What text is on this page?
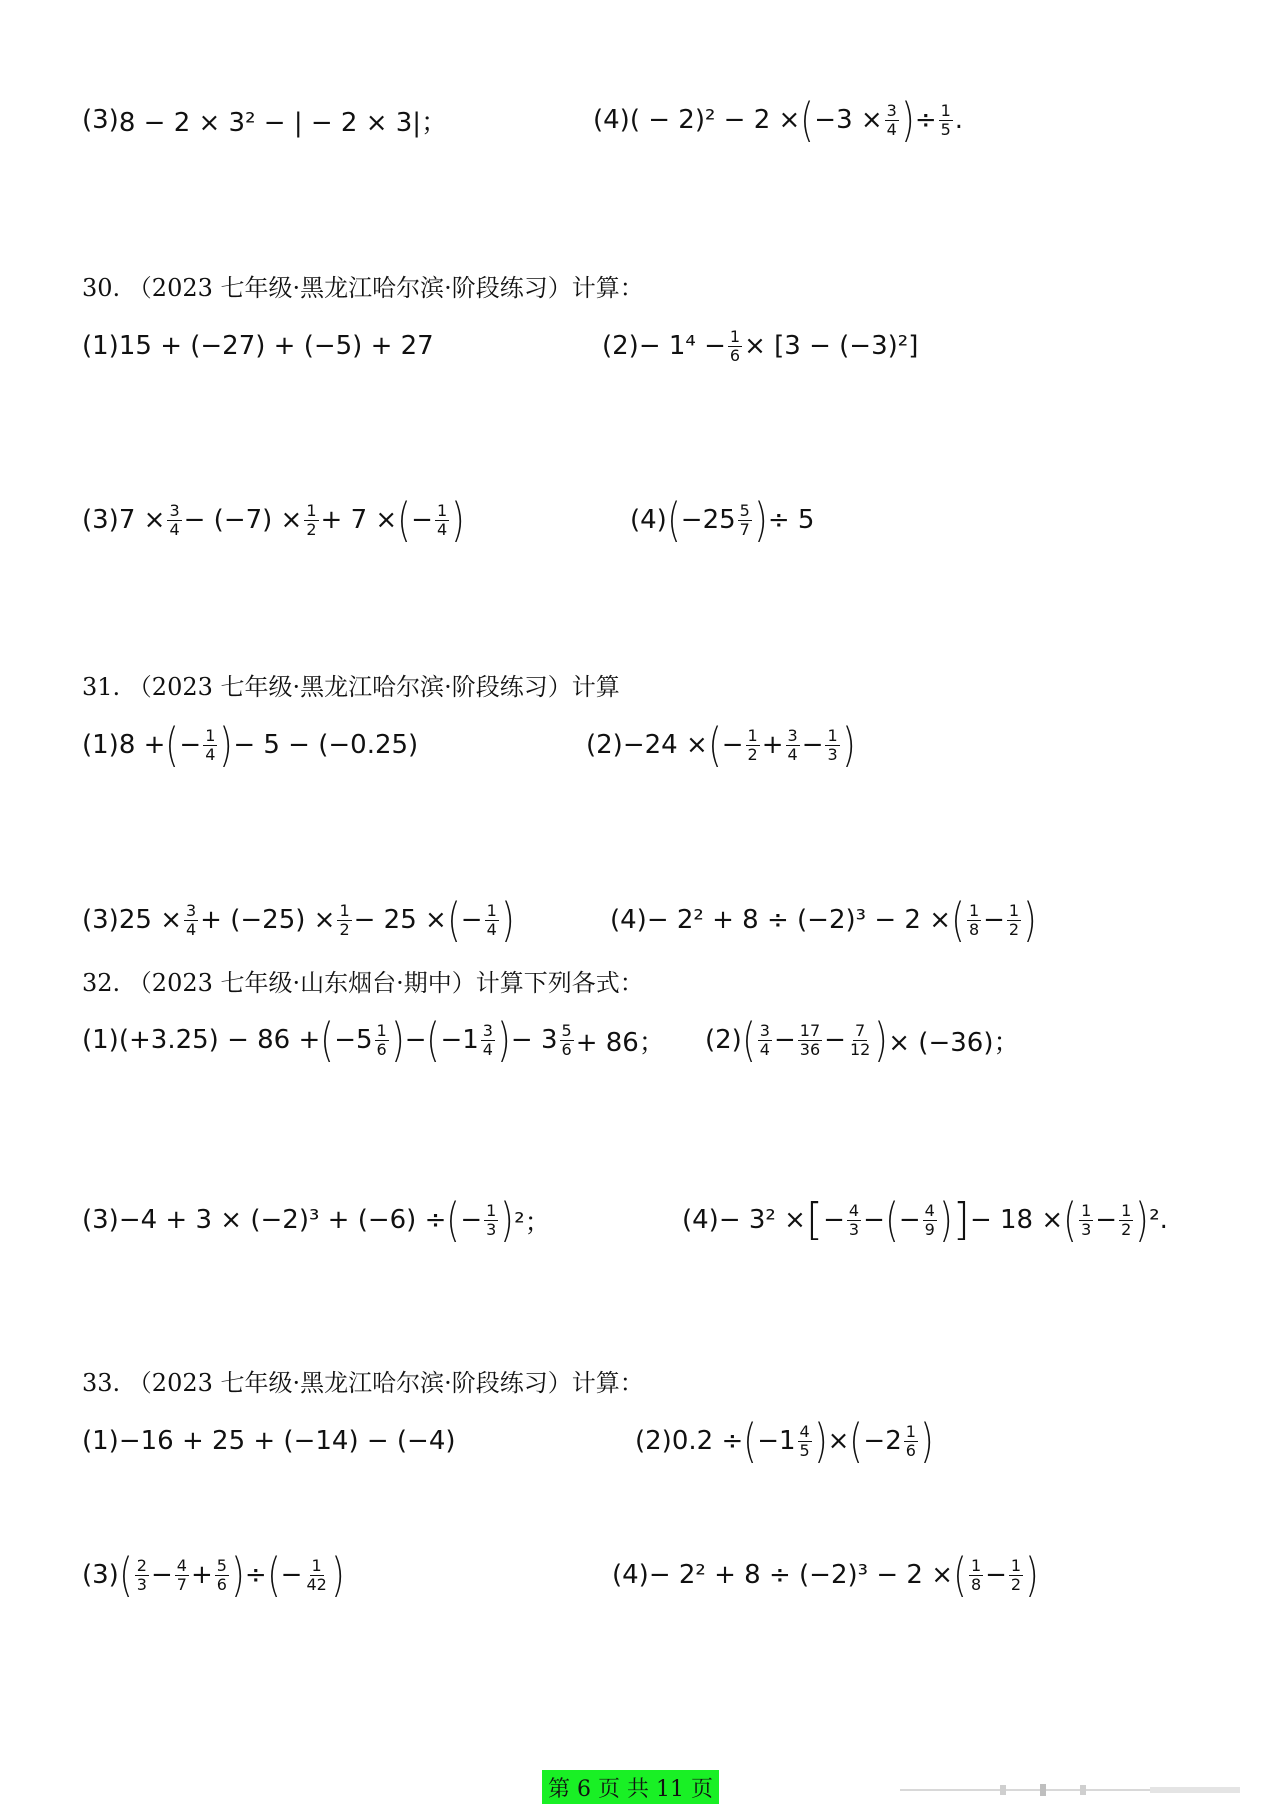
(3) 8 − 2 × 3² − | − 2 × 3|；	(4) ( − 2)² − 2 × ( $-3 \times \frac{3}{4}$ ) ÷ $\frac{1}{5}$ .
30. （2023 七年级·黑龙江哈尔滨·阶段练习）计算：
(1) 15 + (−27) + (−5) + 27	$(2) - 1^4 - \frac{1}{6} \times [3 - (-3)^2]$
(3) $7 \times \frac{3}{4} - (-7) \times \frac{1}{2} + 7$ × ( − $\frac{1}{4}$ )	(4) ( $-25 \frac{5}{7}$ ) ÷ 5
31. （2023 七年级·黑龙江哈尔滨·阶段练习）计算
(1) 8 + ( − $\frac{1}{4}$ ) − 5 − (−0.25)	(2) −24 × ( − $\frac{1}{2} + \frac{3}{4} - \frac{1}{3}$ )
(3) $25 \times \frac{3}{4} + (-25) \times \frac{1}{2} - 25$ × ( − $\frac{1}{4}$ )	(4) − 2² + 8 ÷ (−2)³ − 2 × ( $\frac{1}{8} - \frac{1}{2}$ )
32. （2023 七年级·山东烟台·期中）计算下列各式：
(1) (+3.25) − 86 + ( $-5 \frac{1}{6}$ ) − ( $-1 \frac{3}{4}$ ) − $3 \frac{5}{6} + 86$； (2) ( $\frac{3}{4} - \frac{17}{36} - \frac{7}{12}$ ) × (−36)；
(3) −4 + 3 × (−2)³ + (−6) ÷ ( − $\frac{1}{3}$ ) ²；	(4) − 3² × [ − $\frac{4}{3}$ − ( − $\frac{4}{9}$ ) ] − 18 × ( $\frac{1}{3} - \frac{1}{2}$ ) ².
33. （2023 七年级·黑龙江哈尔滨·阶段练习）计算：
(1) −16 + 25 + (−14) − (−4)	(2) 0.2 ÷ ( $-1 \frac{4}{5}$ ) × ( $-2 \frac{1}{6}$ )
(3) ( $\frac{2}{3} - \frac{4}{7} + \frac{5}{6}$ ) ÷ ( − $\frac{1}{42}$ )	(4) − 2² + 8 ÷ (−2)³ − 2 × ( $\frac{1}{8} - \frac{1}{2}$ )
第 6 页 共 11 页
